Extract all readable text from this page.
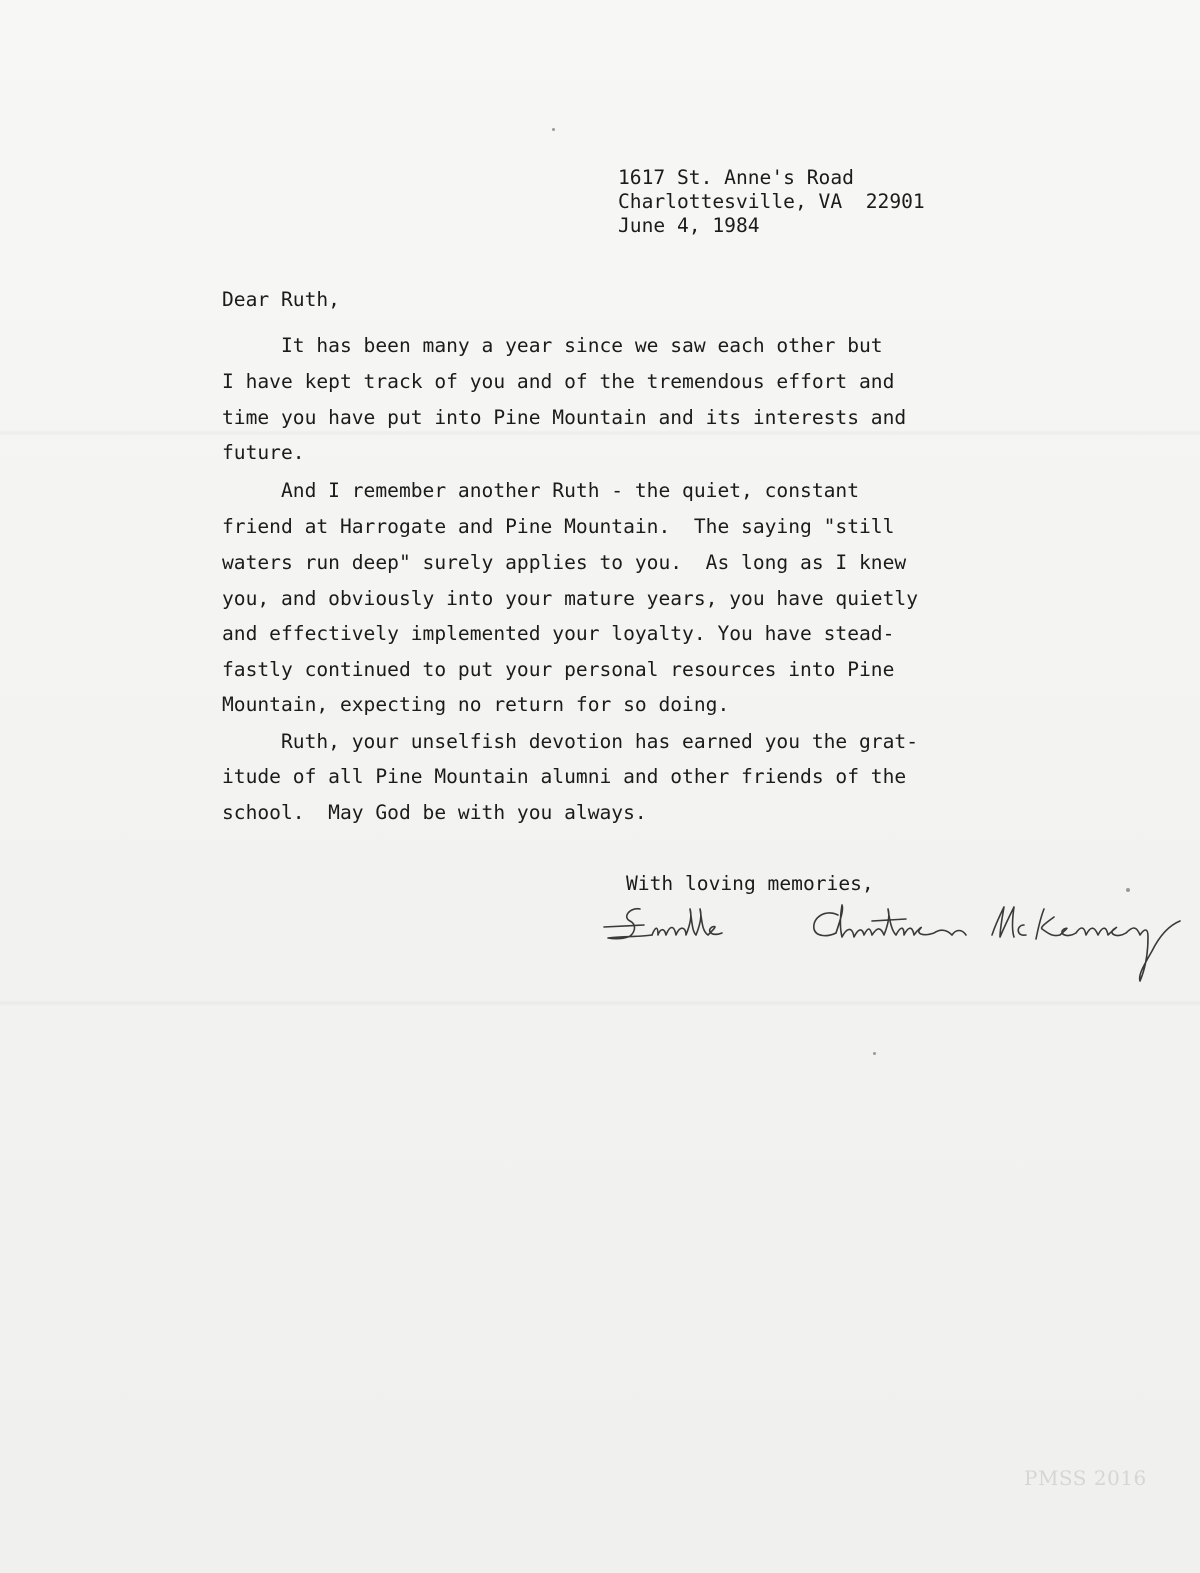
1617 St. Anne's Road
Charlottesville, VA  22901
June 4, 1984
Dear Ruth,
It has been many a year since we saw each other but
I have kept track of you and of the tremendous effort and
time you have put into Pine Mountain and its interests and
future.
And I remember another Ruth - the quiet, constant
friend at Harrogate and Pine Mountain.  The saying "still
waters run deep" surely applies to you.  As long as I knew
you, and obviously into your mature years, you have quietly
and effectively implemented your loyalty. You have stead-
fastly continued to put your personal resources into Pine
Mountain, expecting no return for so doing.
Ruth, your unselfish devotion has earned you the grat-
itude of all Pine Mountain alumni and other friends of the
school.  May God be with you always.
With loving memories,
PMSS 2016
